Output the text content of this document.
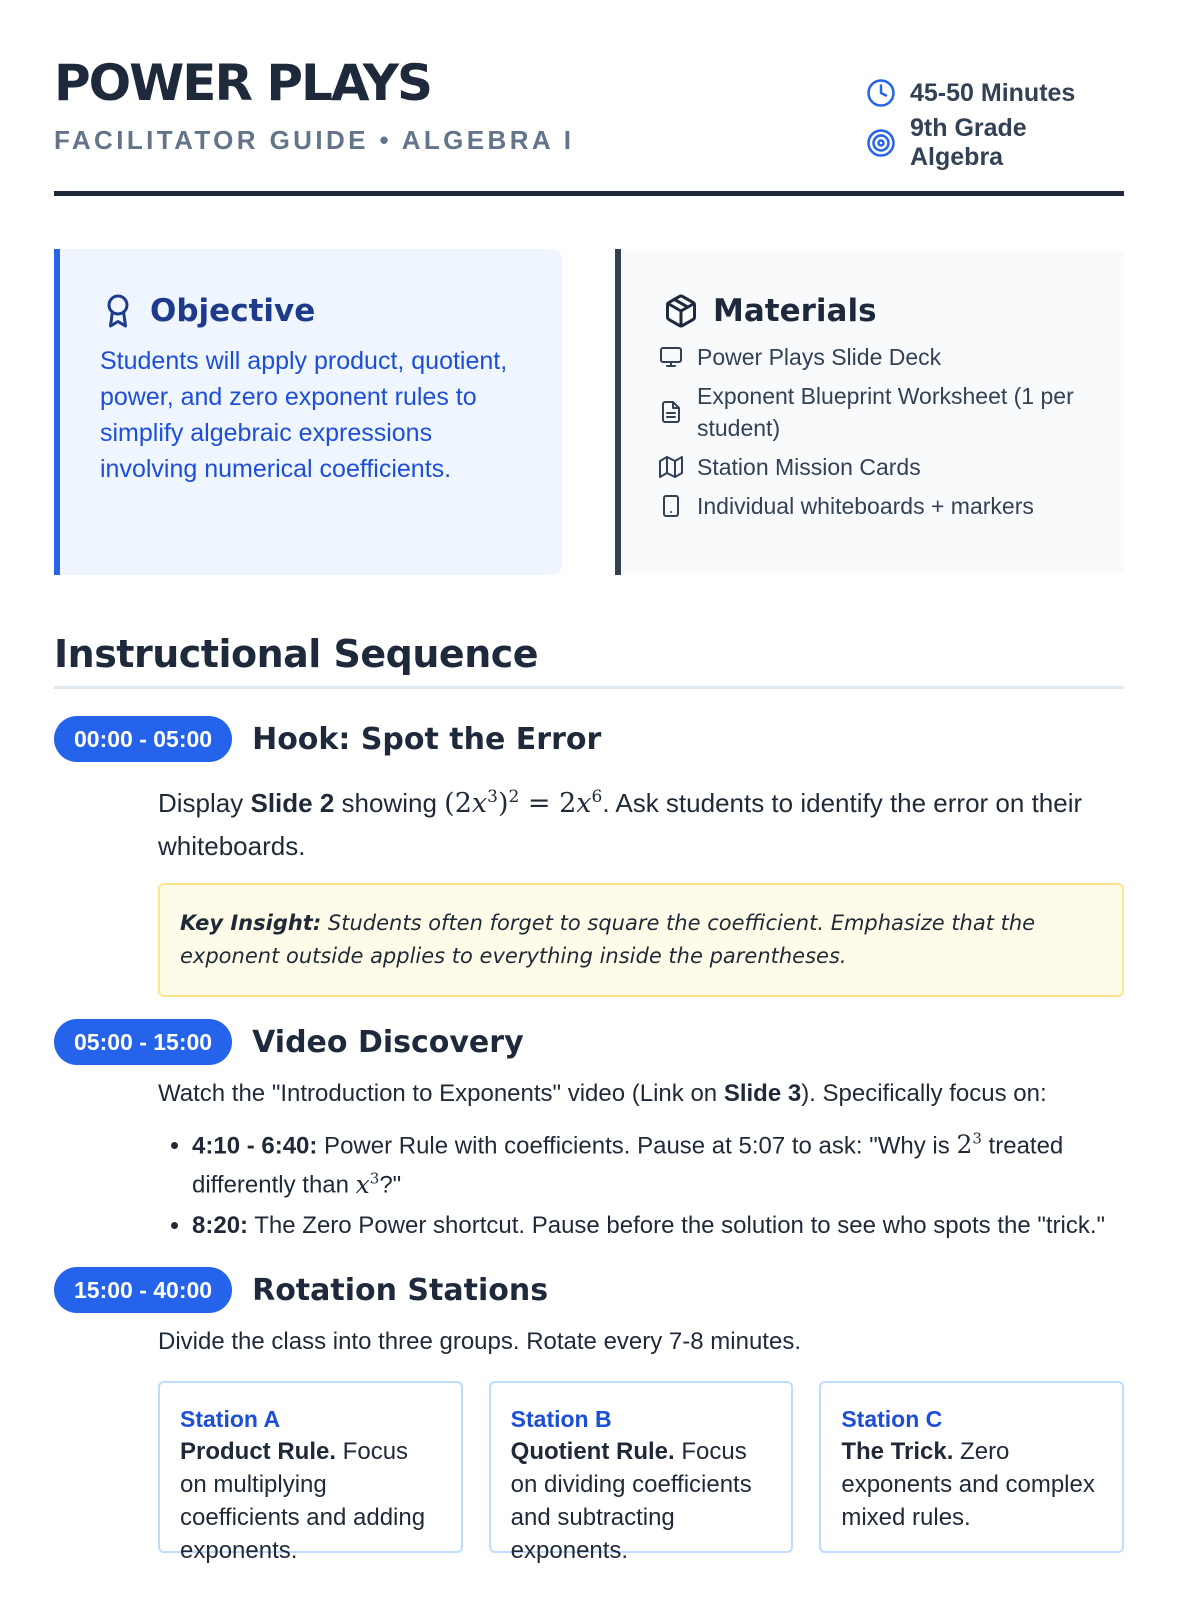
POWER PLAYS
FACILITATOR GUIDE • ALGEBRA I
45-50 Minutes
9th Grade Algebra
Objective
Students will apply product, quotient, power, and zero exponent rules to simplify algebraic expressions involving numerical coefficients.
Materials
Power Plays Slide Deck
Exponent Blueprint Worksheet (1 per student)
Station Mission Cards
Individual whiteboards + markers
Instructional Sequence
00:00 - 05:00	Hook: Spot the Error
Display Slide 2 showing $(2x^3)^2 = 2x^6$. Ask students to identify the error on their whiteboards.
Key Insight: Students often forget to square the coefficient. Emphasize that the exponent outside applies to everything inside the parentheses.
05:00 - 15:00	Video Discovery
Watch the "Introduction to Exponents" video (Link on Slide 3). Specifically focus on:
• 4:10 - 6:40: Power Rule with coefficients. Pause at 5:07 to ask: "Why is $2^3$ treated differently than $x^3$?"
• 8:20: The Zero Power shortcut. Pause before the solution to see who spots the "trick."
15:00 - 40:00	Rotation Stations
Divide the class into three groups. Rotate every 7-8 minutes.
Station A
Product Rule. Focus on multiplying coefficients and adding exponents.
Station B
Quotient Rule. Focus on dividing coefficients and subtracting exponents.
Station C
The Trick. Zero exponents and complex mixed rules.
